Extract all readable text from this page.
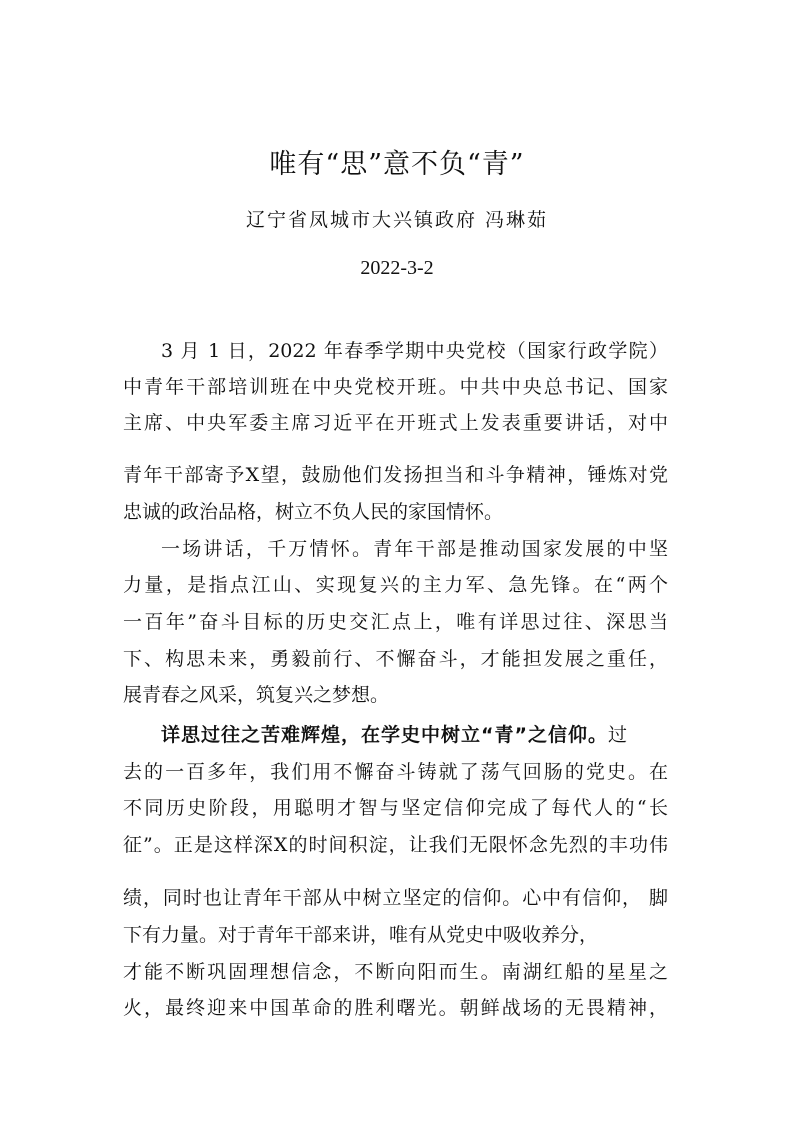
唯有“思”意不负“青”
辽宁省凤城市大兴镇政府 冯琳茹
2022-3-2
3 月 1 日，2022 年春季学期中央党校（国家行政学院）
中青年干部培训班在中央党校开班。中共中央总书记、国家
主席、中央军委主席习近平在开班式上发表重要讲话，对中
青年干部寄予X望，鼓励他们发扬担当和斗争精神，锤炼对党
忠诚的政治品格，树立不负人民的家国情怀。
一场讲话，千万情怀。青年干部是推动国家发展的中坚
力量，是指点江山、实现复兴的主力军、急先锋。在“两个
一百年”奋斗目标的历史交汇点上，唯有详思过往、深思当
下、构思未来，勇毅前行、不懈奋斗，才能担发展之重任，
展青春之风采，筑复兴之梦想。
详思过往之苦难辉煌，在学史中树立“青”之信仰。过
去的一百多年，我们用不懈奋斗铸就了荡气回肠的党史。在
不同历史阶段，用聪明才智与坚定信仰完成了每代人的“长
征”。正是这样深X的时间积淀，让我们无限怀念先烈的丰功伟
绩，同时也让青年干部从中树立坚定的信仰。心中有信仰， 脚
下有力量。对于青年干部来讲，唯有从党史中吸收养分，
才能不断巩固理想信念，不断向阳而生。南湖红船的星星之
火，最终迎来中国革命的胜利曙光。朝鲜战场的无畏精神，
